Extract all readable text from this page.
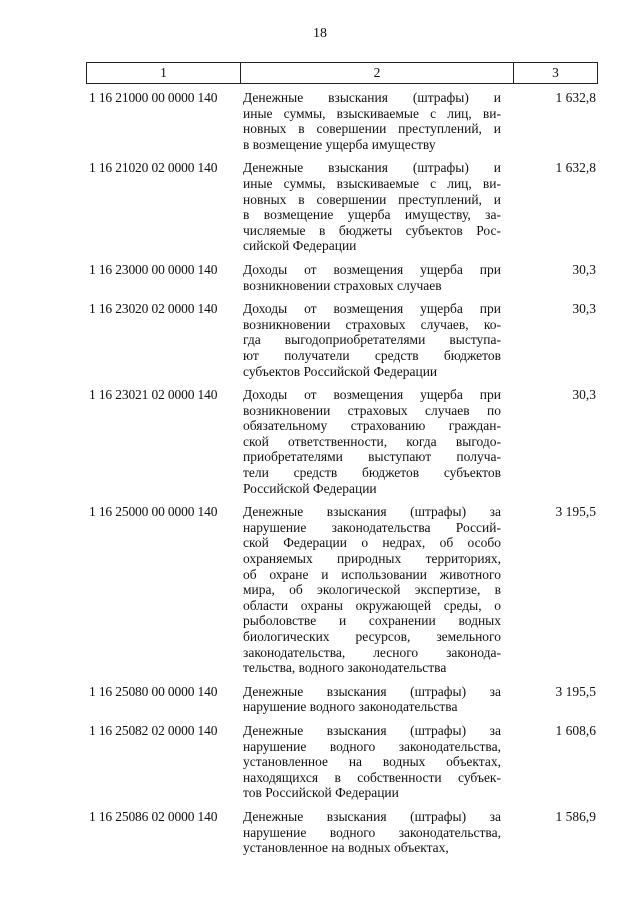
18
1	2	3
1 16 21000 00 0000 140	Денежные взыскания (штрафы) и
иные суммы, взыскиваемые с лиц, ви-
новных в совершении преступлений, и
в возмещение ущерба имуществу
1 632,8
1 16 21020 02 0000 140	Денежные взыскания (штрафы) и
иные суммы, взыскиваемые с лиц, ви-
новных в совершении преступлений, и
в возмещение ущерба имуществу, за-
числяемые в бюджеты субъектов Рос-
сийской Федерации
1 632,8
1 16 23000 00 0000 140	Доходы от возмещения ущерба при
возникновении страховых случаев
30,3
1 16 23020 02 0000 140	Доходы от возмещения ущерба при
возникновении страховых случаев, ко-
гда выгодоприобретателями выступа-
ют получатели средств бюджетов
субъектов Российской Федерации
30,3
1 16 23021 02 0000 140	Доходы от возмещения ущерба при
возникновении страховых случаев по
обязательному страхованию граждан-
ской ответственности, когда выгодо-
приобретателями выступают получа-
тели средств бюджетов субъектов
Российской Федерации
30,3
1 16 25000 00 0000 140	Денежные взыскания (штрафы) за
нарушение законодательства Россий-
ской Федерации о недрах, об особо
охраняемых природных территориях,
об охране и использовании животного
мира, об экологической экспертизе, в
области охраны окружающей среды, о
рыболовстве и сохранении водных
биологических ресурсов, земельного
законодательства, лесного законода-
тельства, водного законодательства
3 195,5
1 16 25080 00 0000 140	Денежные взыскания (штрафы) за
нарушение водного законодательства
3 195,5
1 16 25082 02 0000 140	Денежные взыскания (штрафы) за
нарушение водного законодательства,
установленное на водных объектах,
находящихся в собственности субъек-
тов Российской Федерации
1 608,6
1 16 25086 02 0000 140	Денежные взыскания (штрафы) за
нарушение водного законодательства,
установленное на водных объектах,
1 586,9
